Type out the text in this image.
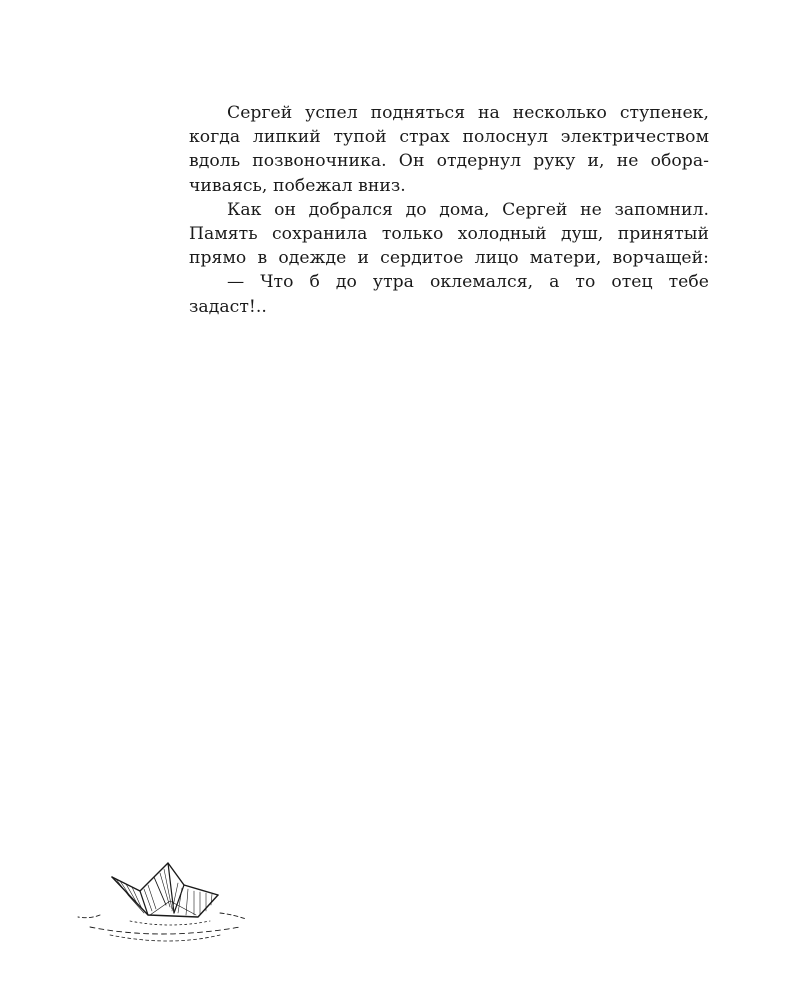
Сергей успел подняться на несколько ступенек,
когда липкий тупой страх полоснул электричеством
вдоль позвоночника. Он отдернул руку и, не обора-
чиваясь, побежал вниз.
Как он добрался до дома, Сергей не запомнил.
Память сохранила только холодный душ, принятый
прямо в одежде и сердитое лицо матери, ворчащей:
— Что б до утра оклемался, а то отец тебе
задаст!..
